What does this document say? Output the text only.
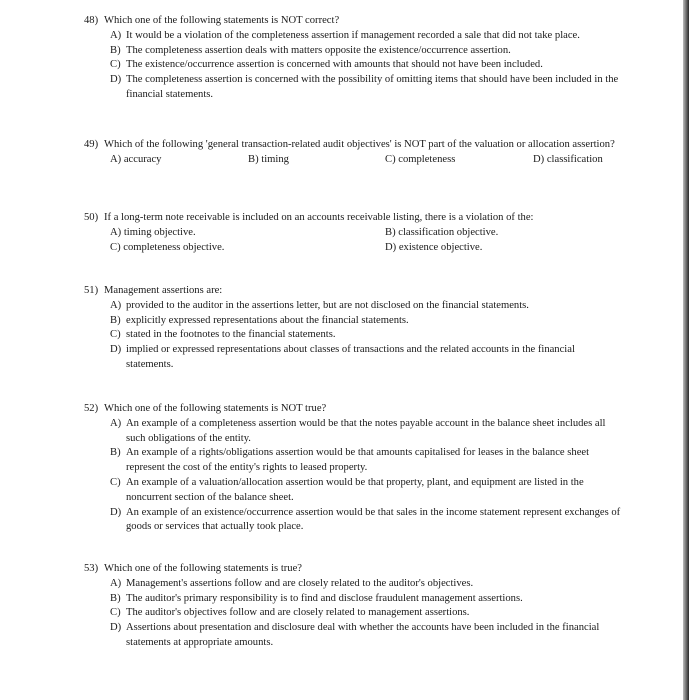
48) Which one of the following statements is NOT correct?
A) It would be a violation of the completeness assertion if management recorded a sale that did not take place.
B) The completeness assertion deals with matters opposite the existence/occurrence assertion.
C) The existence/occurrence assertion is concerned with amounts that should not have been included.
D) The completeness assertion is concerned with the possibility of omitting items that should have been included in the financial statements.
49) Which of the following 'general transaction-related audit objectives' is NOT part of the valuation or allocation assertion?
A) accuracy	B) timing	C) completeness	D) classification
50) If a long-term note receivable is included on an accounts receivable listing, there is a violation of the:
A) timing objective.	B) classification objective.
C) completeness objective.	D) existence objective.
51) Management assertions are:
A) provided to the auditor in the assertions letter, but are not disclosed on the financial statements.
B) explicitly expressed representations about the financial statements.
C) stated in the footnotes to the financial statements.
D) implied or expressed representations about classes of transactions and the related accounts in the financial statements.
52) Which one of the following statements is NOT true?
A) An example of a completeness assertion would be that the notes payable account in the balance sheet includes all such obligations of the entity.
B) An example of a rights/obligations assertion would be that amounts capitalised for leases in the balance sheet represent the cost of the entity's rights to leased property.
C) An example of a valuation/allocation assertion would be that property, plant, and equipment are listed in the noncurrent section of the balance sheet.
D) An example of an existence/occurrence assertion would be that sales in the income statement represent exchanges of goods or services that actually took place.
53) Which one of the following statements is true?
A) Management's assertions follow and are closely related to the auditor's objectives.
B) The auditor's primary responsibility is to find and disclose fraudulent management assertions.
C) The auditor's objectives follow and are closely related to management assertions.
D) Assertions about presentation and disclosure deal with whether the accounts have been included in the financial statements at appropriate amounts.
